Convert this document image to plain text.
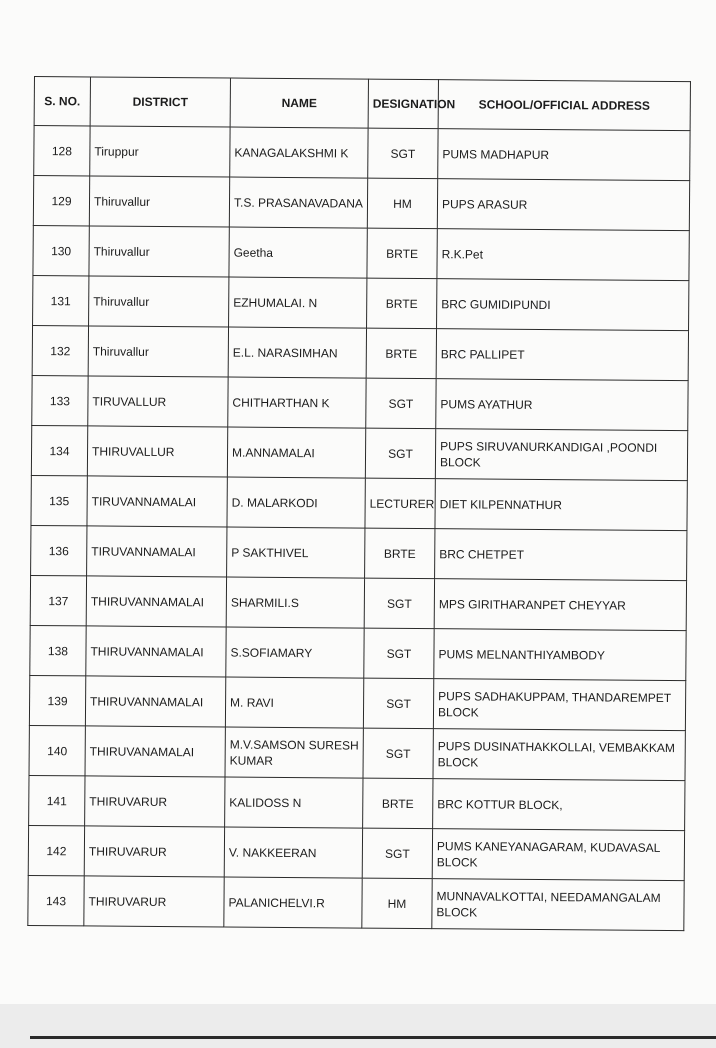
S. NO.	DISTRICT	NAME	DESIGNATION	SCHOOL/OFFICIAL ADDRESS
128	Tiruppur	KANAGALAKSHMI K	SGT	PUMS MADHAPUR
129	Thiruvallur	T.S. PRASANAVADANA	HM	PUPS ARASUR
130	Thiruvallur	Geetha	BRTE	R.K.Pet
131	Thiruvallur	EZHUMALAI. N	BRTE	BRC GUMIDIPUNDI
132	Thiruvallur	E.L. NARASIMHAN	BRTE	BRC PALLIPET
133	TIRUVALLUR	CHITHARTHAN K	SGT	PUMS AYATHUR
134	THIRUVALLUR	M.ANNAMALAI	SGT	PUPS SIRUVANURKANDIGAI ,POONDI BLOCK
135	TIRUVANNAMALAI	D. MALARKODI	LECTURER	DIET KILPENNATHUR
136	TIRUVANNAMALAI	P SAKTHIVEL	BRTE	BRC CHETPET
137	THIRUVANNAMALAI	SHARMILI.S	SGT	MPS GIRITHARANPET CHEYYAR
138	THIRUVANNAMALAI	S.SOFIAMARY	SGT	PUMS MELNANTHIYAMBODY
139	THIRUVANNAMALAI	M. RAVI	SGT	PUPS SADHAKUPPAM, THANDAREMPET BLOCK
140	THIRUVANAMALAI	M.V.SAMSON SURESH KUMAR	SGT	PUPS DUSINATHAKKOLLAI, VEMBAKKAM BLOCK
141	THIRUVARUR	KALIDOSS N	BRTE	BRC KOTTUR BLOCK,
142	THIRUVARUR	V. NAKKEERAN	SGT	PUMS KANEYANAGARAM, KUDAVASAL BLOCK
143	THIRUVARUR	PALANICHELVI.R	HM	MUNNAVALKOTTAI, NEEDAMANGALAM BLOCK
